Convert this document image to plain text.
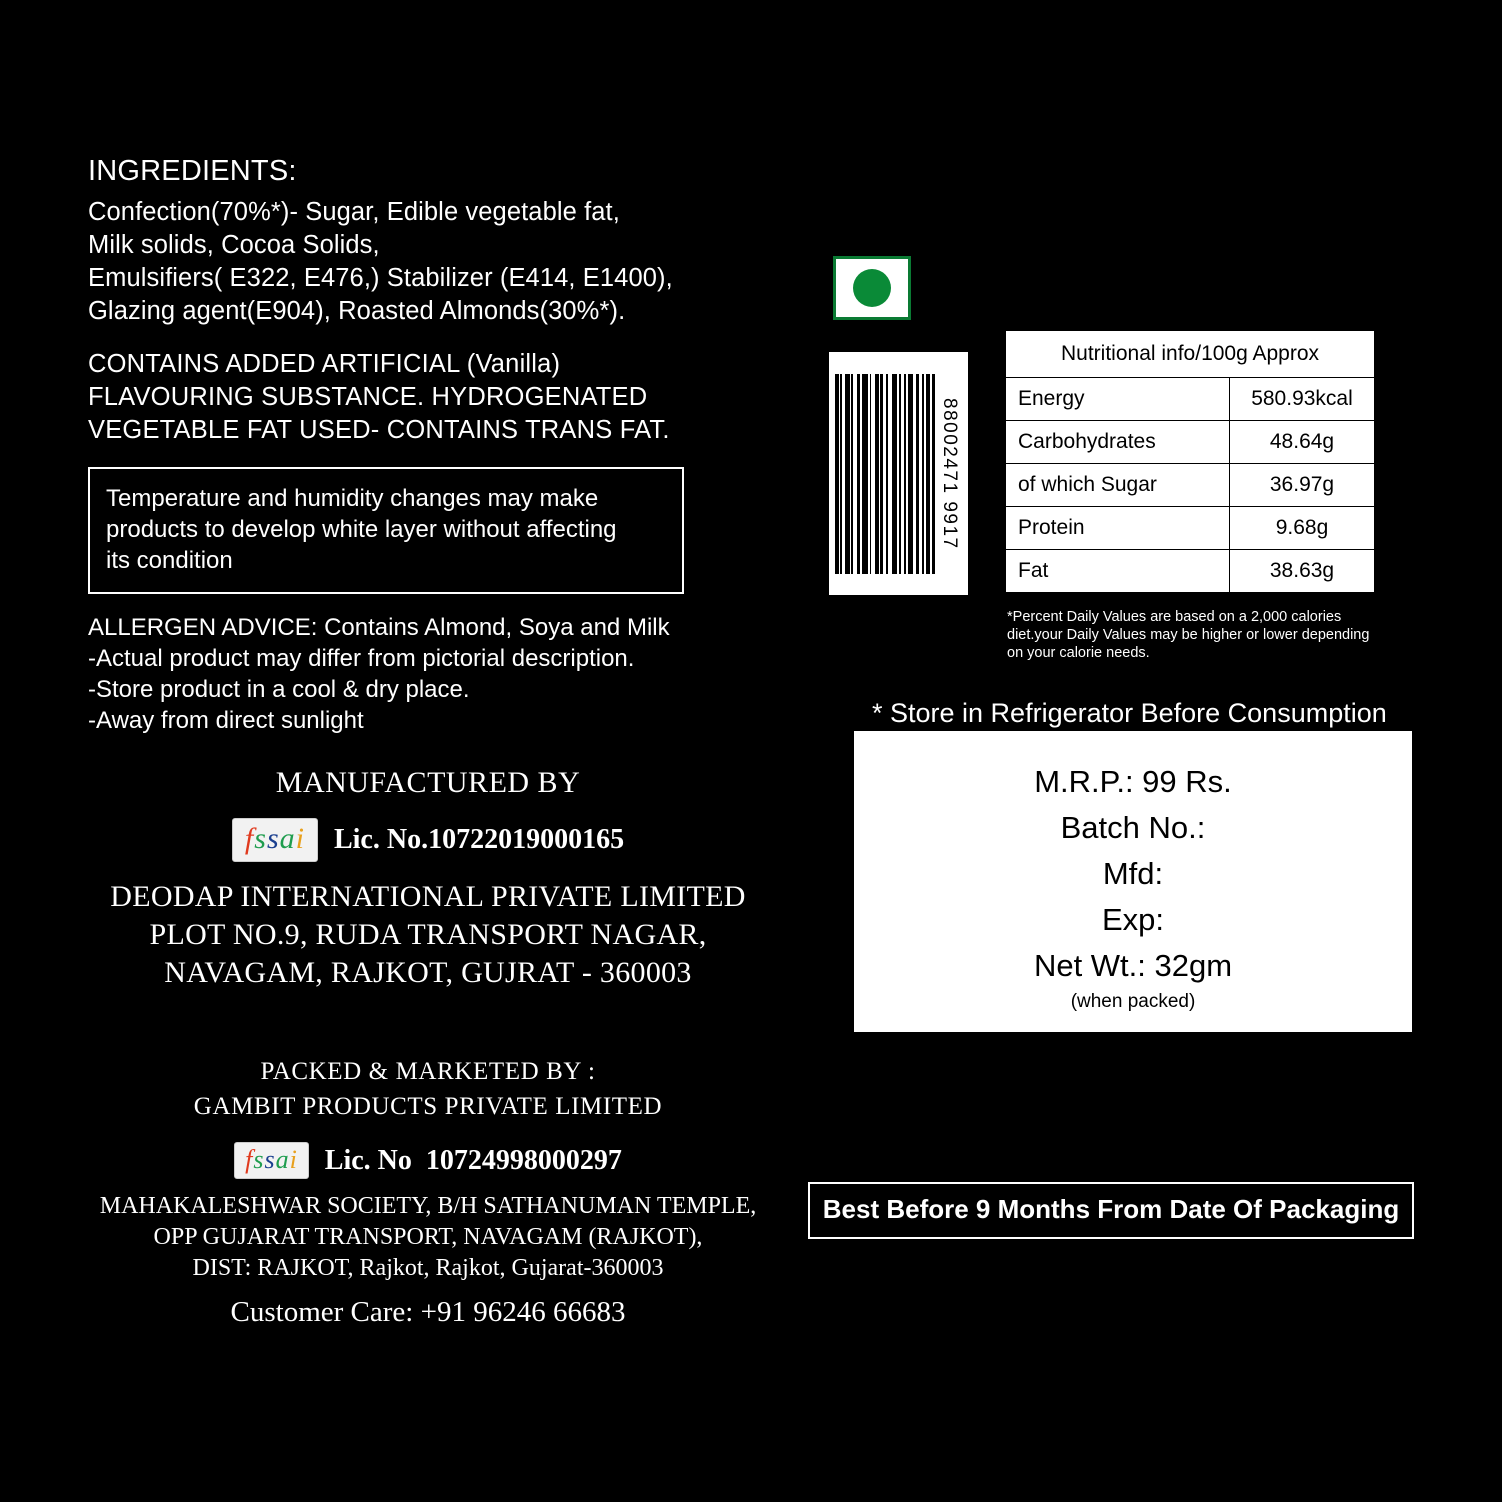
INGREDIENTS:
Confection(70%*)- Sugar, Edible vegetable fat,
Milk solids, Cocoa Solids,
Emulsifiers( E322, E476,) Stabilizer (E414, E1400),
Glazing agent(E904), Roasted Almonds(30%*).
CONTAINS ADDED ARTIFICIAL (Vanilla)
FLAVOURING SUBSTANCE. HYDROGENATED
VEGETABLE FAT USED- CONTAINS TRANS FAT.
Temperature and humidity changes may make
products to develop white layer without affecting
its condition
ALLERGEN ADVICE: Contains Almond, Soya and Milk
-Actual product may differ from pictorial description.
-Store product in a cool & dry place.
-Away from direct sunlight
MANUFACTURED BY
fssai	Lic. No.10722019000165
DEODAP INTERNATIONAL PRIVATE LIMITED
PLOT NO.9, RUDA TRANSPORT NAGAR,
NAVAGAM, RAJKOT, GUJRAT - 360003
PACKED & MARKETED BY :
GAMBIT PRODUCTS PRIVATE LIMITED
fssai Lic. No 10724998000297
MAHAKALESHWAR SOCIETY, B/H SATHANUMAN TEMPLE,
OPP GUJARAT TRANSPORT, NAVAGAM (RAJKOT),
DIST: RAJKOT, Rajkot, Rajkot, Gujarat-360003
Customer Care: +91 96246 66683
88002471 9917
Nutritional info/100g Approx	
Energy	580.93kcal
Carbohydrates	48.64g
of which Sugar	36.97g
Protein	9.68g
Fat	38.63g
*Percent Daily Values are based on a 2,000 calories
diet.your Daily Values may be higher or lower depending
on your calorie needs.
* Store in Refrigerator Before Consumption
M.R.P.: 99 Rs.
Batch No.:
Mfd:
Exp:
Net Wt.: 32gm
(when packed)
Best Before 9 Months From Date Of Packaging
